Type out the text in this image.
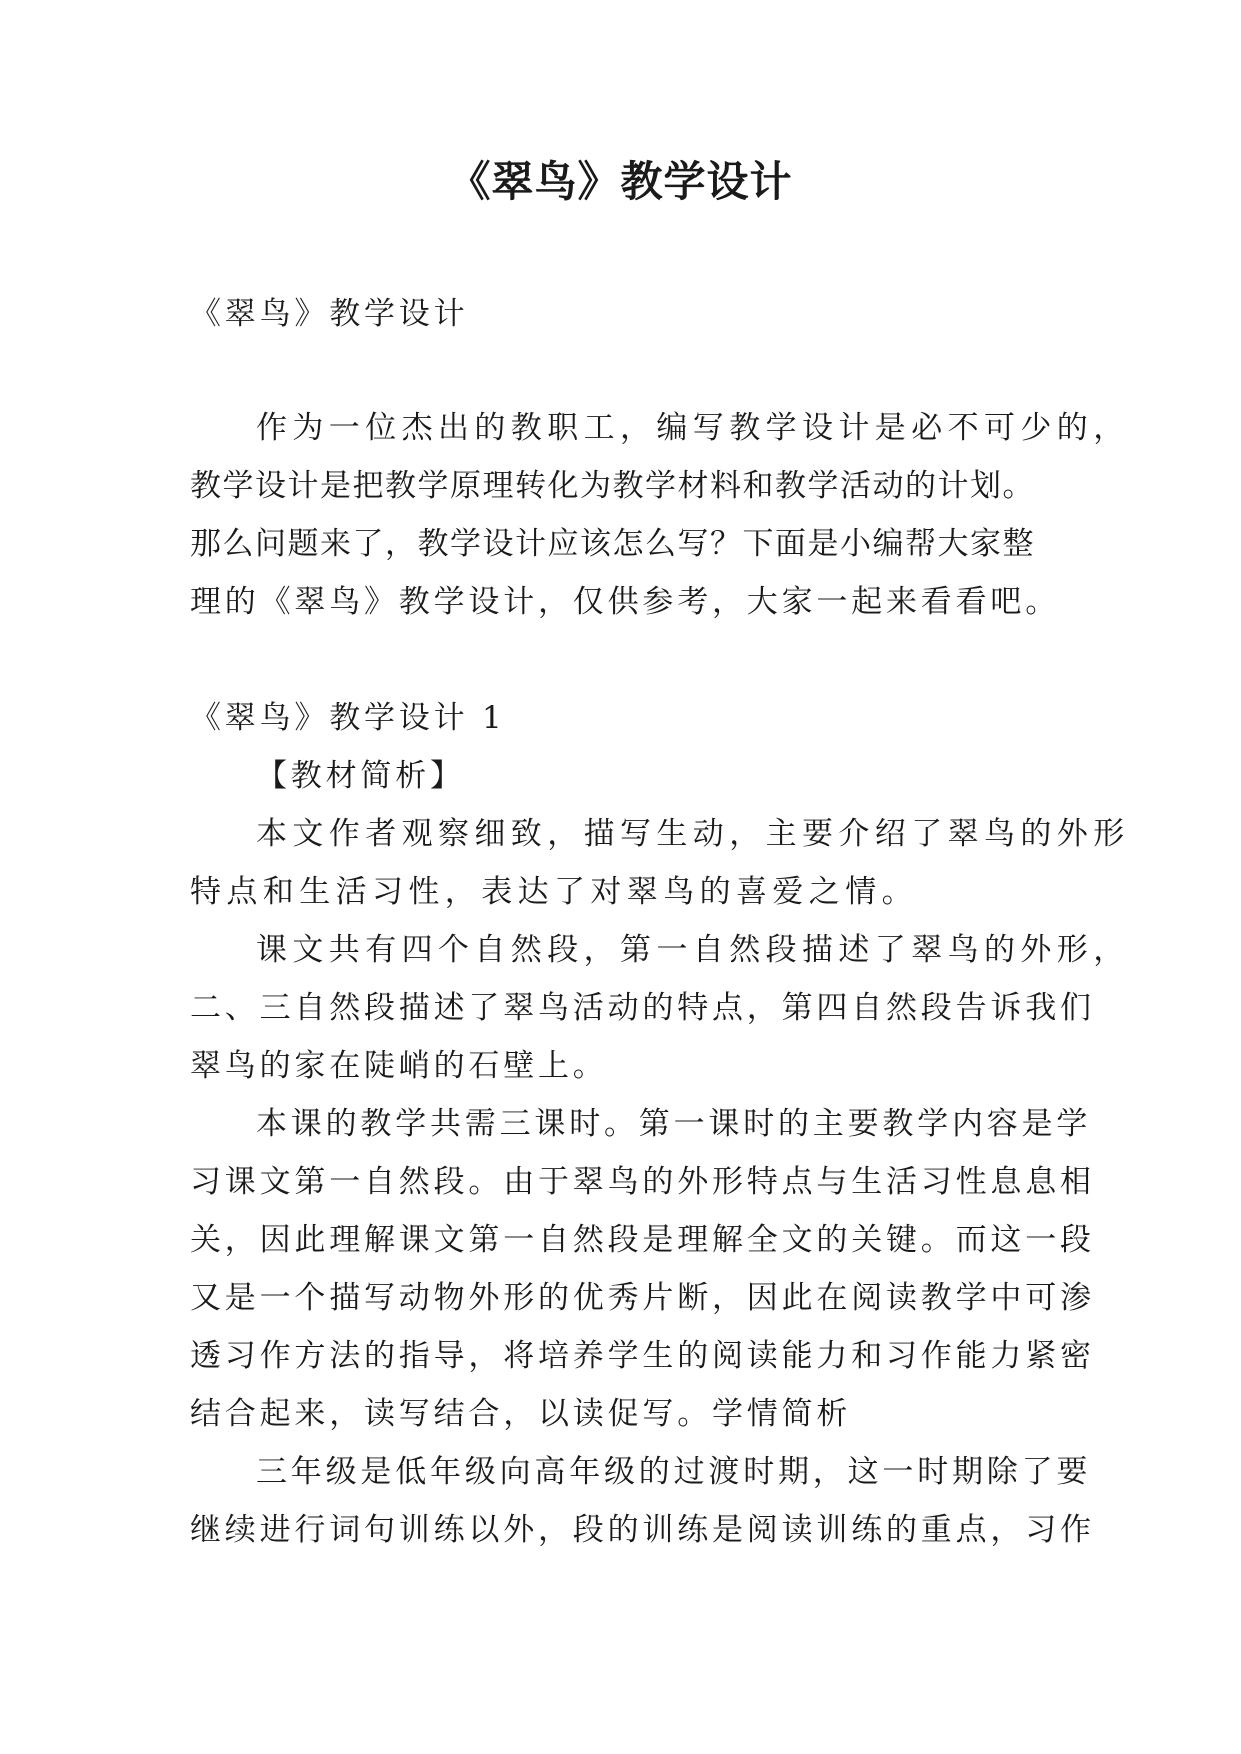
《翠鸟》教学设计

《翠鸟》教学设计

作为一位杰出的教职工，编写教学设计是必不可少的，

教学设计是把教学原理转化为教学材料和教学活动的计划。

那么问题来了，教学设计应该怎么写？下面是小编帮大家整

理的《翠鸟》教学设计，仅供参考，大家一起来看看吧。

《翠鸟》教学设计 1

【教材简析】

本文作者观察细致，描写生动，主要介绍了翠鸟的外形

特点和生活习性，表达了对翠鸟的喜爱之情。

课文共有四个自然段，第一自然段描述了翠鸟的外形，

二、三自然段描述了翠鸟活动的特点，第四自然段告诉我们

翠鸟的家在陡峭的石壁上。

本课的教学共需三课时。第一课时的主要教学内容是学

习课文第一自然段。由于翠鸟的外形特点与生活习性息息相

关，因此理解课文第一自然段是理解全文的关键。而这一段

又是一个描写动物外形的优秀片断，因此在阅读教学中可渗

透习作方法的指导，将培养学生的阅读能力和习作能力紧密

结合起来，读写结合，以读促写。学情简析

三年级是低年级向高年级的过渡时期，这一时期除了要

继续进行词句训练以外，段的训练是阅读训练的重点，习作
